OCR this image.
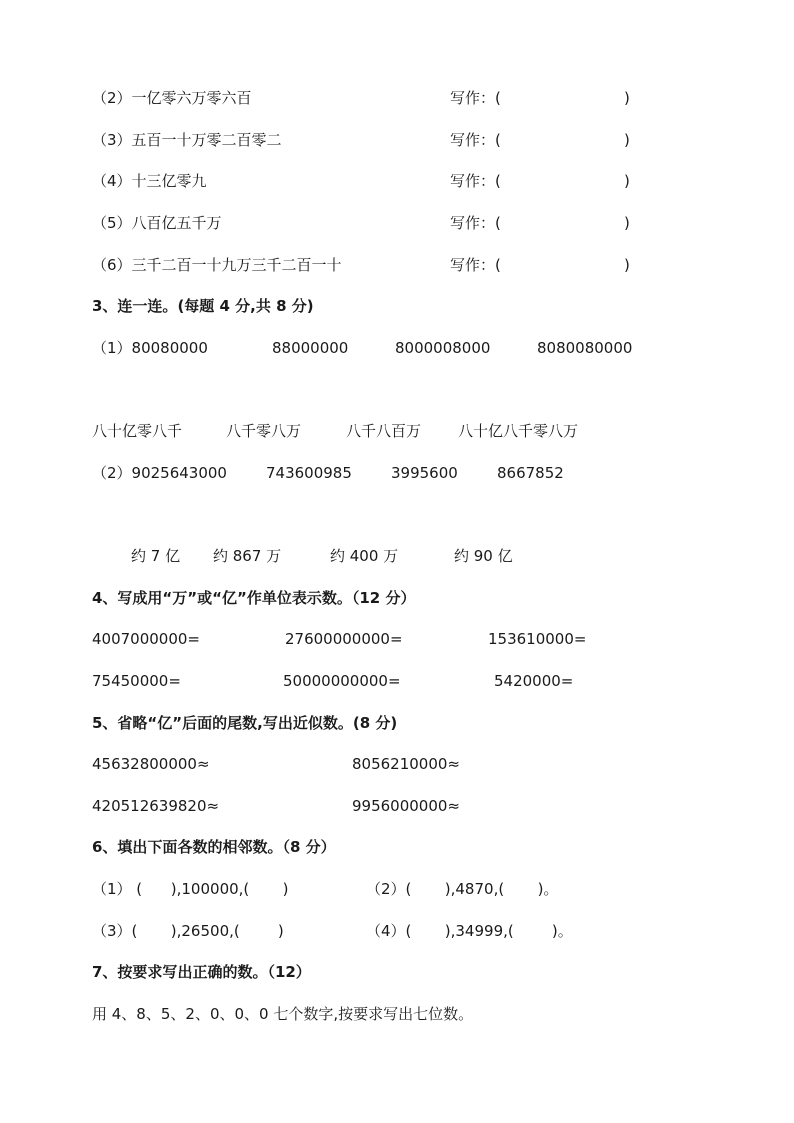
（2）一亿零六万零六百	写作：(	)
（3）五百一十万零二百零二	写作：(	)
（4）十三亿零九	写作：(	)
（5）八百亿五千万	写作：(	)
（6）三千二百一十九万三千二百一十	写作：(	)
3、连一连。(每题 4 分,共 8 分)
（1）80080000	88000000	8000008000	8080080000
八十亿零八千	八千零八万	八千八百万 八十亿八千零八万
（2）9025643000	743600985	3995600	8667852
约 7 亿 约 867 万	约 400 万	约 90 亿
4、写成用“万”或“亿”作单位表示数。（12 分）
4007000000=	27600000000=	153610000=
75450000=	50000000000=	5420000=
5、省略“亿”后面的尾数,写出近似数。(8 分)
45632800000≈	8056210000≈
420512639820≈	9956000000≈
6、填出下面各数的相邻数。（8 分）
（1） (      ),100000,(       )	（2）(       ),4870,(       )。
（3）(       ),26500,(        )	（4）(       ),34999,(        )。
7、按要求写出正确的数。（12）
用 4、8、5、2、0、0、0 七个数字,按要求写出七位数。
